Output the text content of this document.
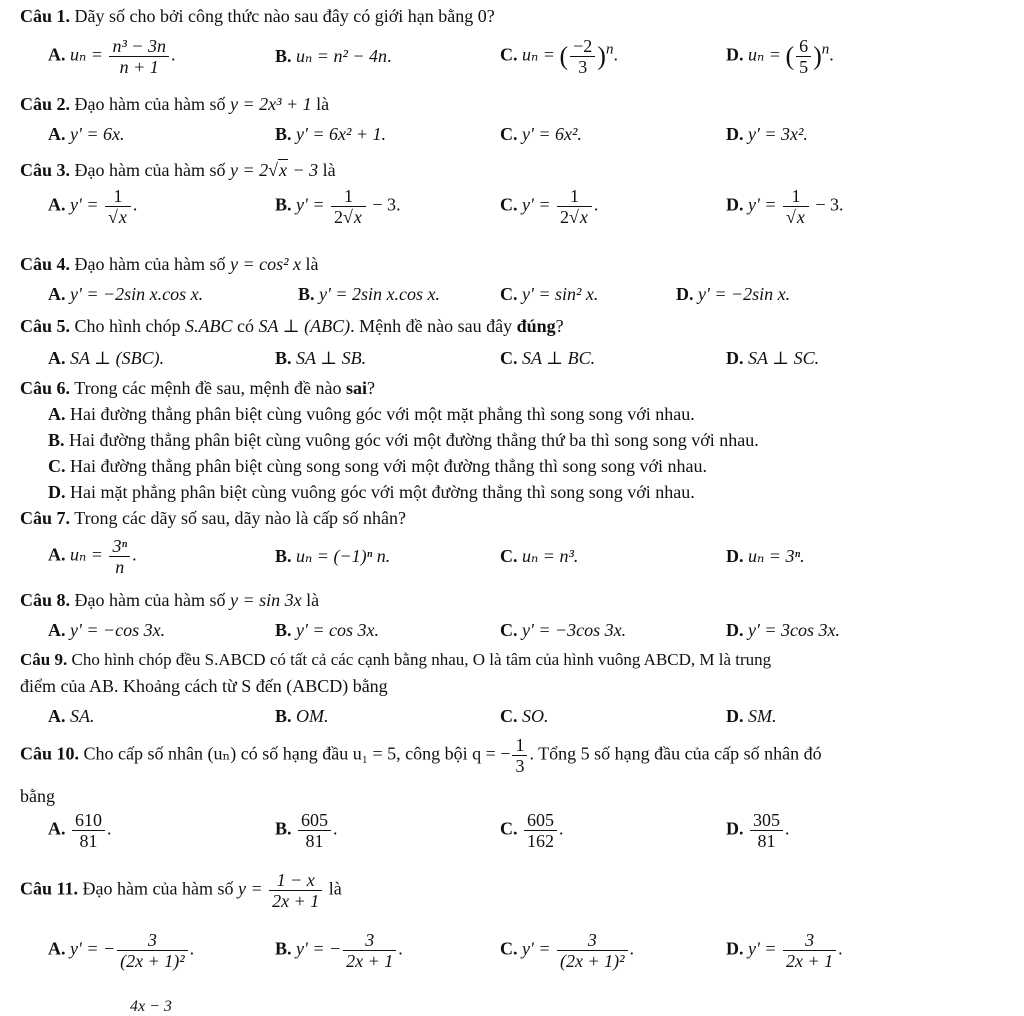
Câu 1. Dãy số cho bởi công thức nào sau đây có giới hạn bằng 0?
A. $u_n = \frac{\text{n³ − 3n}}{n + 1}$ .	B. uₙ = n² − 4n.	C. uₙ = ( $\frac{-2}{3} )^n$.	D. uₙ = ( $\frac{6}{5} )^n$.
Câu 2. Đạo hàm của hàm số y = 2x³ + 1 là
A. y' = 6x.	B. y' = 6x² + 1.	C. y' = 6x².	D. y' = 3x².
Câu 3. Đạo hàm của hàm số y = 2√x − 3 là
A. $y' = \frac{1}{√x}$ .	B. $y' = \frac{1}{2√x} - 3$.	C. $y' = \frac{1}{2√x}$ .	D. $y' = \frac{1}{√x} - 3$.
Câu 4. Đạo hàm của hàm số y = cos² x là
A. y' = −2sin x.cos x.	B. y' = 2sin x.cos x.	C. y' = sin² x.	D. y' = −2sin x.
Câu 5. Cho hình chóp S.ABC có SA ⊥ (ABC). Mệnh đề nào sau đây đúng?
A. SA ⊥ (SBC).	B. SA ⊥ SB.	C. SA ⊥ BC.	D. SA ⊥ SC.
Câu 6. Trong các mệnh đề sau, mệnh đề nào sai?
A. Hai đường thẳng phân biệt cùng vuông góc với một mặt phẳng thì song song với nhau.
B. Hai đường thẳng phân biệt cùng vuông góc với một đường thẳng thứ ba thì song song với nhau.
C. Hai đường thẳng phân biệt cùng song song với một đường thẳng thì song song với nhau.
D. Hai mặt phẳng phân biệt cùng vuông góc với một đường thẳng thì song song với nhau.
Câu 7. Trong các dãy số sau, dãy nào là cấp số nhân?
A. $u_n = \frac{\text{3ⁿ}}{n}$ .	B. uₙ = (−1)ⁿ n.	C. uₙ = n³.	D. uₙ = 3ⁿ.
Câu 8. Đạo hàm của hàm số y = sin 3x là
A. y' = −cos 3x.	B. y' = cos 3x.	C. y' = −3cos 3x.	D. y' = 3cos 3x.
Câu 9. Cho hình chóp đều S.ABCD có tất cả các cạnh bằng nhau, O là tâm của hình vuông ABCD, M là trung
điểm của AB. Khoảng cách từ S đến (ABCD) bằng
A. SA.	B. OM.	C. SO.	D. SM.
Câu 10. Cho cấp số nhân (uₙ) có số hạng đầu u₁ = 5, công bội q = − $\frac{1}{3}$ . Tổng 5 số hạng đầu của cấp số nhân đó
bằng
A. $\frac{610}{81}$ .	B. $\frac{605}{81}$ .	C. $\frac{605}{162}$ .	D. $\frac{305}{81}$ .
Câu 11. Đạo hàm của hàm số $y = \frac{1 - x}{2x + 1}$ là
A. y' = − $\frac{3}{\text{(2x + 1)²}}$ .	B. y' = − $\frac{3}{2x + 1}$ .	C. $y' = \frac{3}{\text{(2x + 1)²}}$ .	D. $y' = \frac{3}{2x + 1}$ .
4x − 3
